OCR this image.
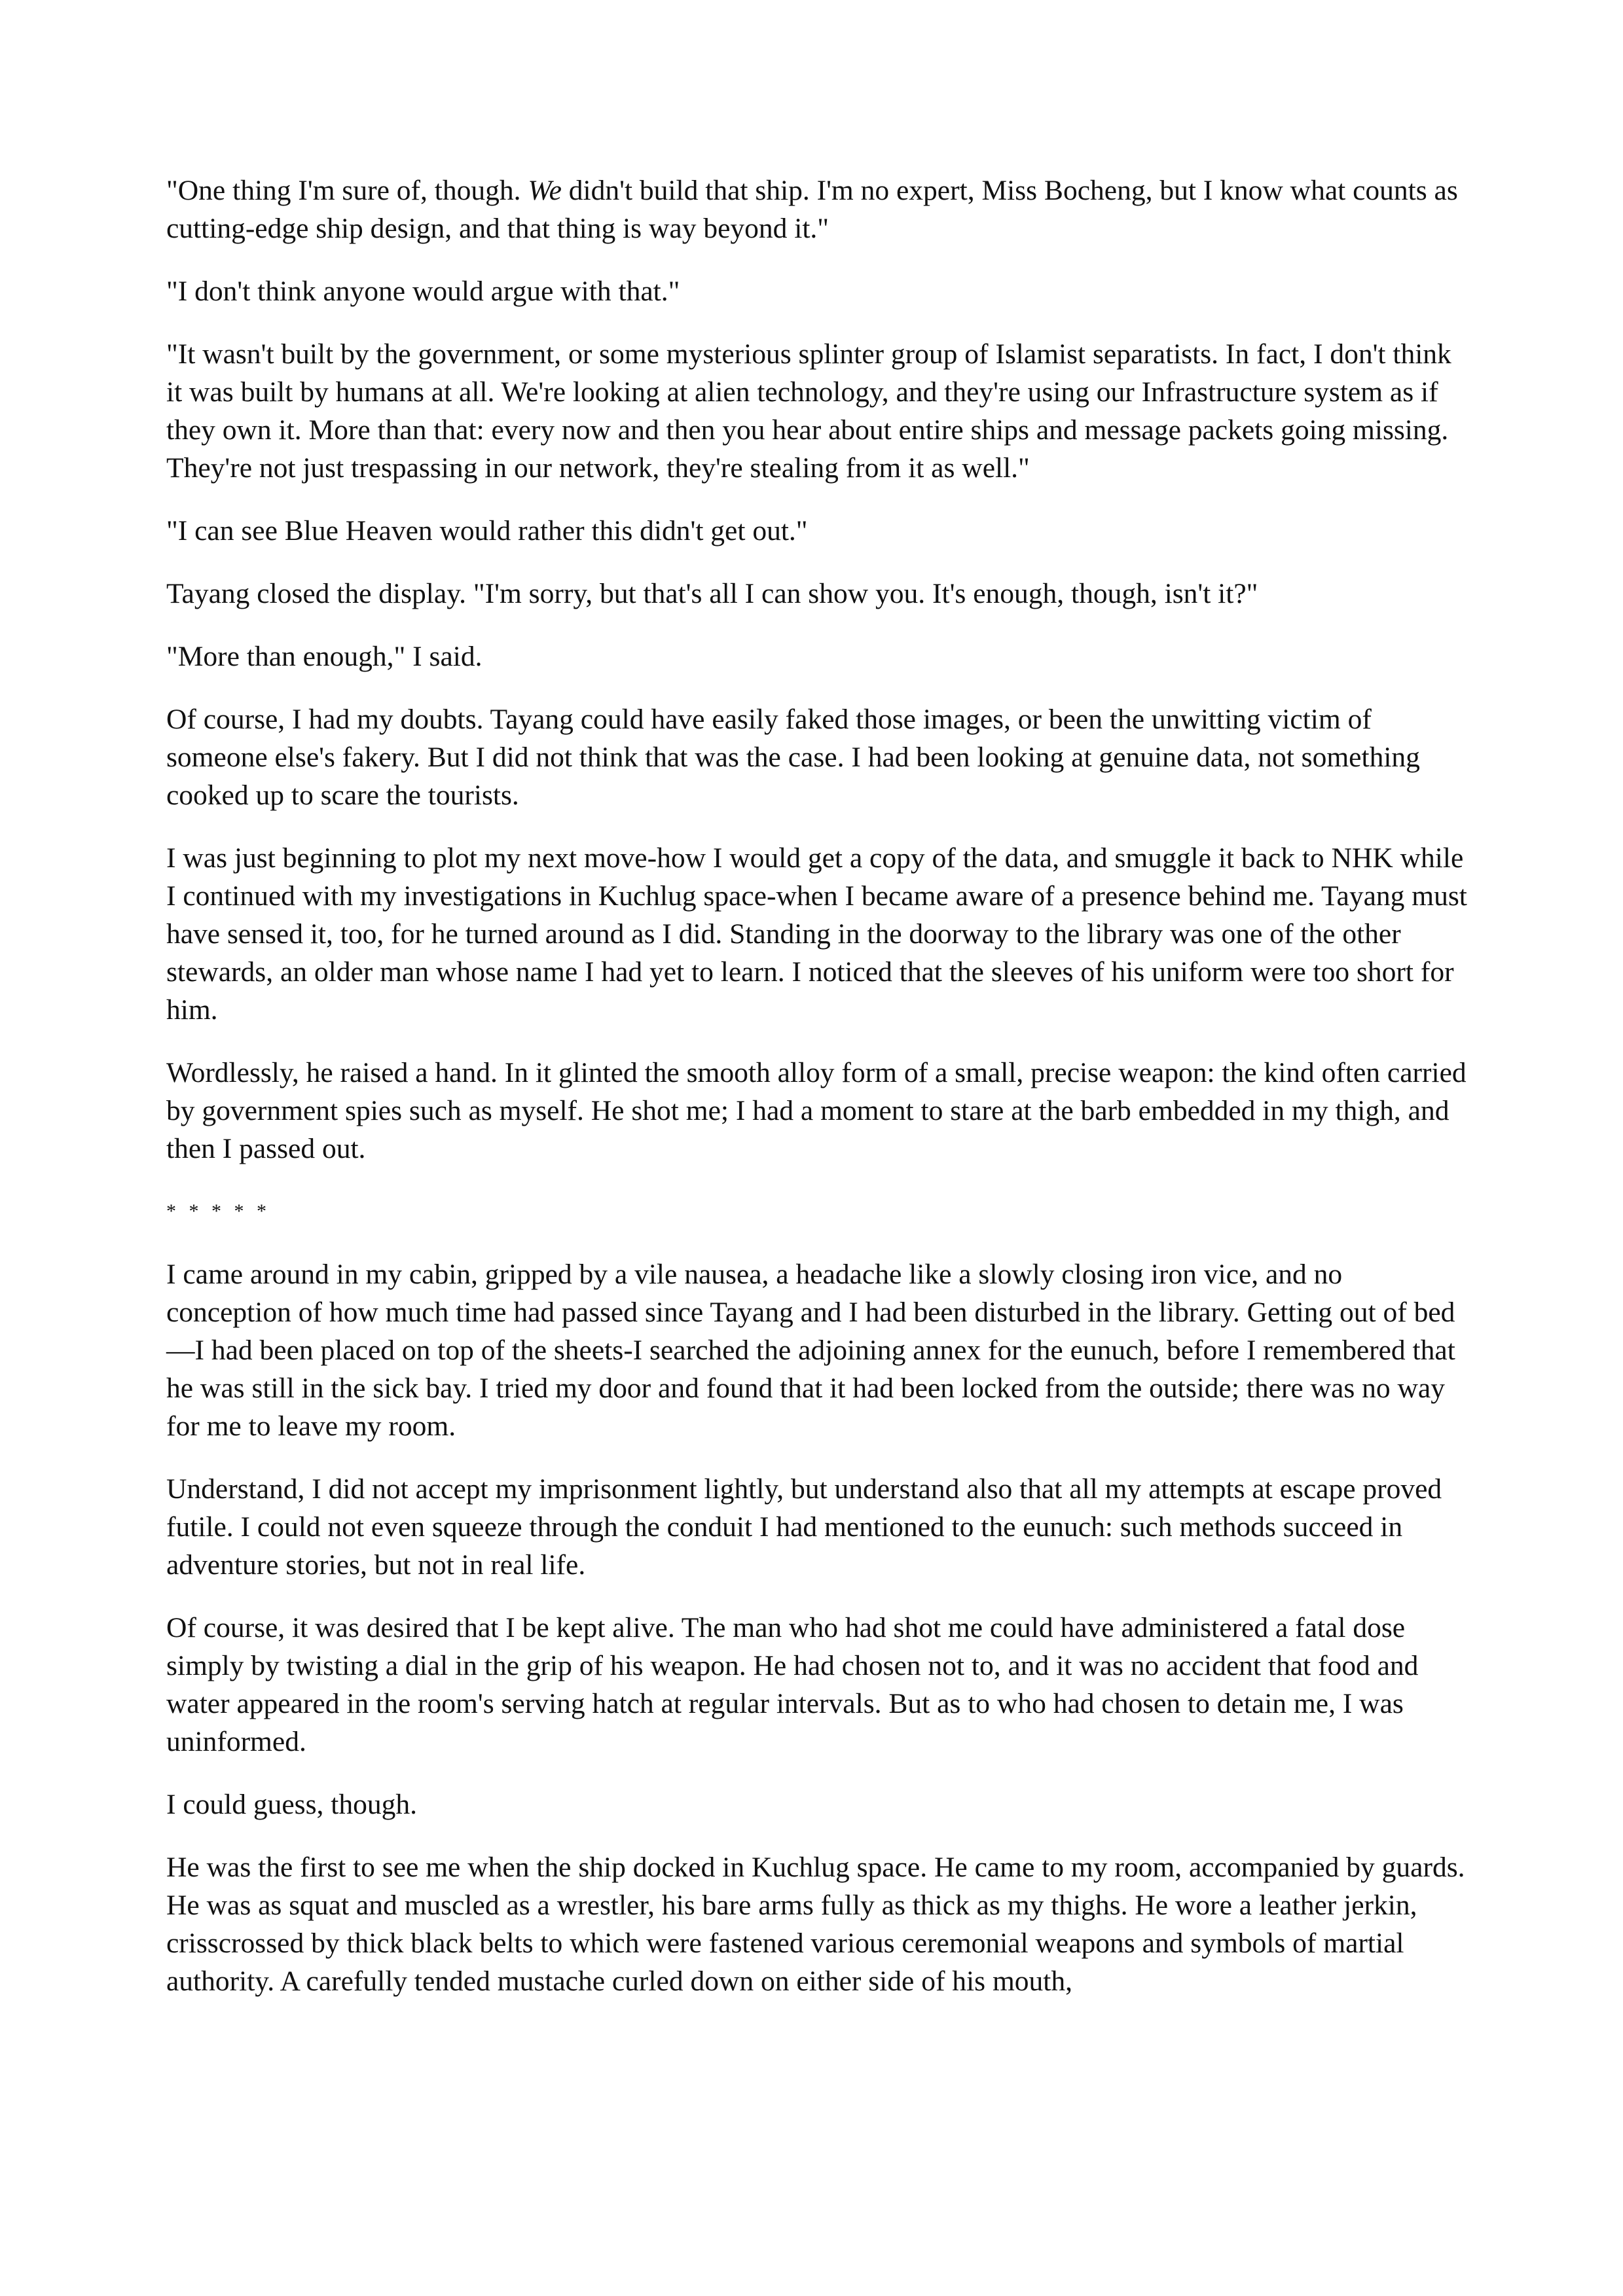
"One thing I'm sure of, though. We didn't build that ship. I'm no expert, Miss Bocheng, but I know what counts as cutting-edge ship design, and that thing is way beyond it."

"I don't think anyone would argue with that."

"It wasn't built by the government, or some mysterious splinter group of Islamist separatists. In fact, I don't think it was built by humans at all. We're looking at alien technology, and they're using our Infrastructure system as if they own it. More than that: every now and then you hear about entire ships and message packets going missing. They're not just trespassing in our network, they're stealing from it as well."

"I can see Blue Heaven would rather this didn't get out."

Tayang closed the display. "I'm sorry, but that's all I can show you. It's enough, though, isn't it?"

"More than enough," I said.

Of course, I had my doubts. Tayang could have easily faked those images, or been the unwitting victim of someone else's fakery. But I did not think that was the case. I had been looking at genuine data, not something cooked up to scare the tourists.

I was just beginning to plot my next move-how I would get a copy of the data, and smuggle it back to NHK while I continued with my investigations in Kuchlug space-when I became aware of a presence behind me. Tayang must have sensed it, too, for he turned around as I did. Standing in the doorway to the library was one of the other stewards, an older man whose name I had yet to learn. I noticed that the sleeves of his uniform were too short for him.

Wordlessly, he raised a hand. In it glinted the smooth alloy form of a small, precise weapon: the kind often carried by government spies such as myself. He shot me; I had a moment to stare at the barb embedded in my thigh, and then I passed out.

* * * * *

I came around in my cabin, gripped by a vile nausea, a headache like a slowly closing iron vice, and no conception of how much time had passed since Tayang and I had been disturbed in the library. Getting out of bed—I had been placed on top of the sheets-I searched the adjoining annex for the eunuch, before I remembered that he was still in the sick bay. I tried my door and found that it had been locked from the outside; there was no way for me to leave my room.

Understand, I did not accept my imprisonment lightly, but understand also that all my attempts at escape proved futile. I could not even squeeze through the conduit I had mentioned to the eunuch: such methods succeed in adventure stories, but not in real life.

Of course, it was desired that I be kept alive. The man who had shot me could have administered a fatal dose simply by twisting a dial in the grip of his weapon. He had chosen not to, and it was no accident that food and water appeared in the room's serving hatch at regular intervals. But as to who had chosen to detain me, I was uninformed.

I could guess, though.

He was the first to see me when the ship docked in Kuchlug space. He came to my room, accompanied by guards. He was as squat and muscled as a wrestler, his bare arms fully as thick as my thighs. He wore a leather jerkin, crisscrossed by thick black belts to which were fastened various ceremonial weapons and symbols of martial authority. A carefully tended mustache curled down on either side of his mouth,
